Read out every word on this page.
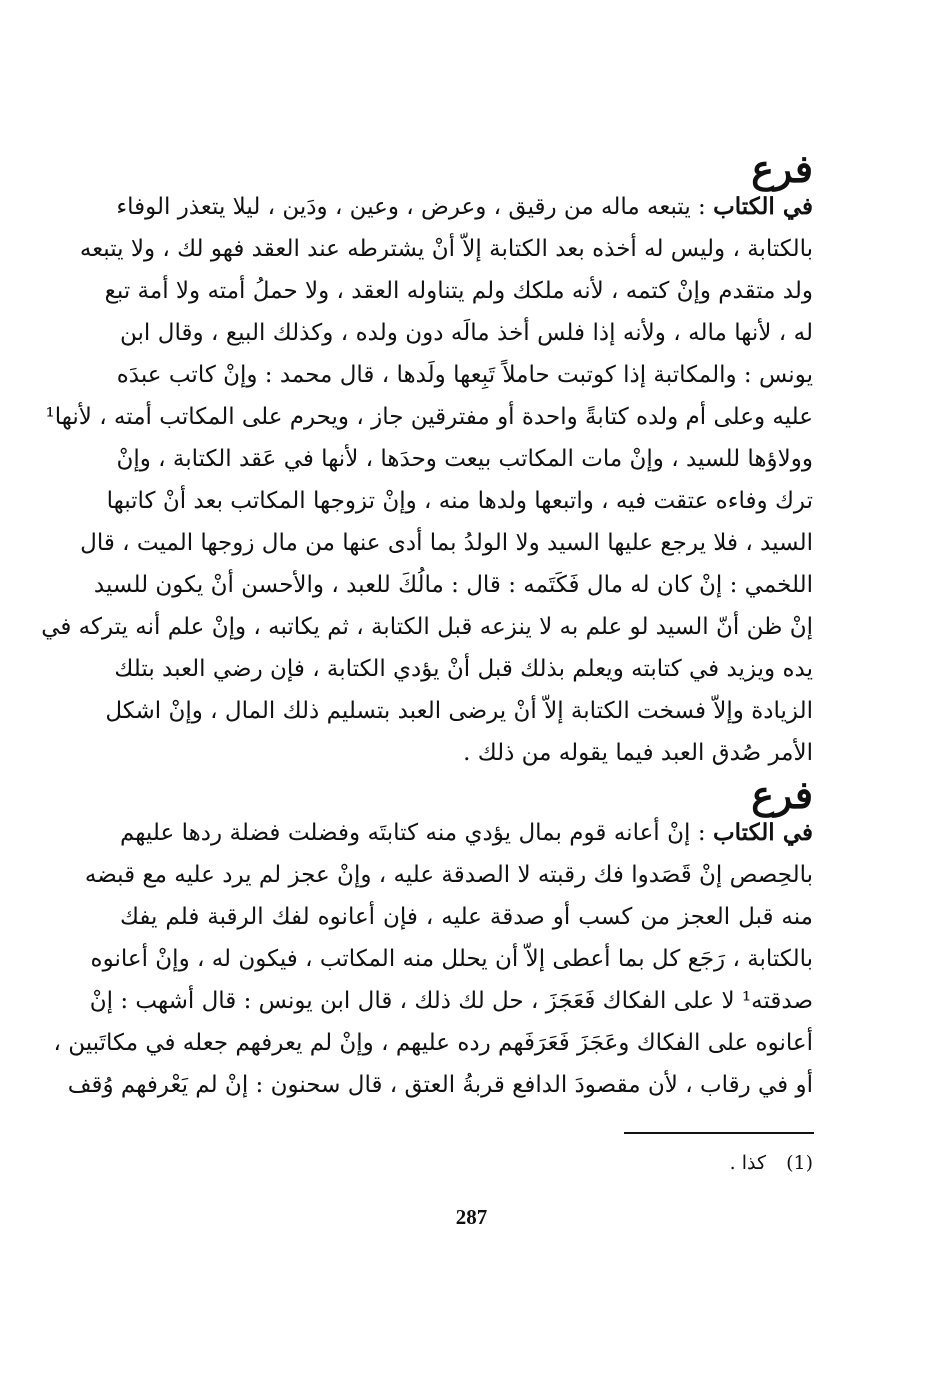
فرع
في الكتاب : يتبعه ماله من رقيق ، وعرض ، وعين ، ودَين ، ليلا يتعذر الوفاء
بالكتابة ، وليس له أخذه بعد الكتابة إلاّ أنْ يشترطه عند العقد فهو لك ، ولا يتبعه
ولد متقدم وإنْ كتمه ، لأنه ملكك ولم يتناوله العقد ، ولا حملُ أمته ولا أمة تبع
له ، لأنها ماله ، ولأنه إذا فلس أخذ مالَه دون ولده ، وكذلك البيع ، وقال ابن
يونس : والمكاتبة إذا كوتبت حاملاً تَبِعها ولَدها ، قال محمد : وإنْ كاتب عبدَه
عليه وعلى أم ولده كتابةً واحدة أو مفترقين جاز ، ويحرم على المكاتب أمته ، لأنها¹
وولاؤها للسيد ، وإنْ مات المكاتب بيعت وحدَها ، لأنها في عَقد الكتابة ، وإنْ
ترك وفاءه عتقت فيه ، واتبعها ولدها منه ، وإنْ تزوجها المكاتب بعد أنْ كاتبها
السيد ، فلا يرجع عليها السيد ولا الولدُ بما أدى عنها من مال زوجها الميت ، قال
اللخمي : إنْ كان له مال فَكَتَمه : قال : مالُكَ للعبد ، والأحسن أنْ يكون للسيد
إنْ ظن أنّ السيد لو علم به لا ينزعه قبل الكتابة ، ثم يكاتبه ، وإنْ علم أنه يتركه في
يده ويزيد في كتابته ويعلم بذلك قبل أنْ يؤدي الكتابة ، فإن رضي العبد بتلك
الزيادة وإلاّ فسخت الكتابة إلاّ أنْ يرضى العبد بتسليم ذلك المال ، وإنْ اشكل
الأمر صُدق العبد فيما يقوله من ذلك .
فرع
في الكتاب : إنْ أعانه قوم بمال يؤدي منه كتابتَه وفضلت فضلة ردها عليهم
بالحِصص إنْ قَصَدوا فك رقبته لا الصدقة عليه ، وإنْ عجز لم يرد عليه مع قبضه
منه قبل العجز من كسب أو صدقة عليه ، فإن أعانوه لفك الرقبة فلم يفك
بالكتابة ، رَجَع كل بما أعطى إلاّ أن يحلل منه المكاتب ، فيكون له ، وإنْ أعانوه
صدقته¹ لا على الفكاك فَعَجَزَ ، حل لك ذلك ، قال ابن يونس : قال أشهب : إنْ
أعانوه على الفكاك وعَجَزَ فَعَرَفَهم رده عليهم ، وإنْ لم يعرفهم جعله في مكاتَبين ،
أو في رقاب ، لأن مقصودَ الدافع قربةُ العتق ، قال سحنون : إنْ لم يَعْرفهم وُقف
(1) كذا .
287
